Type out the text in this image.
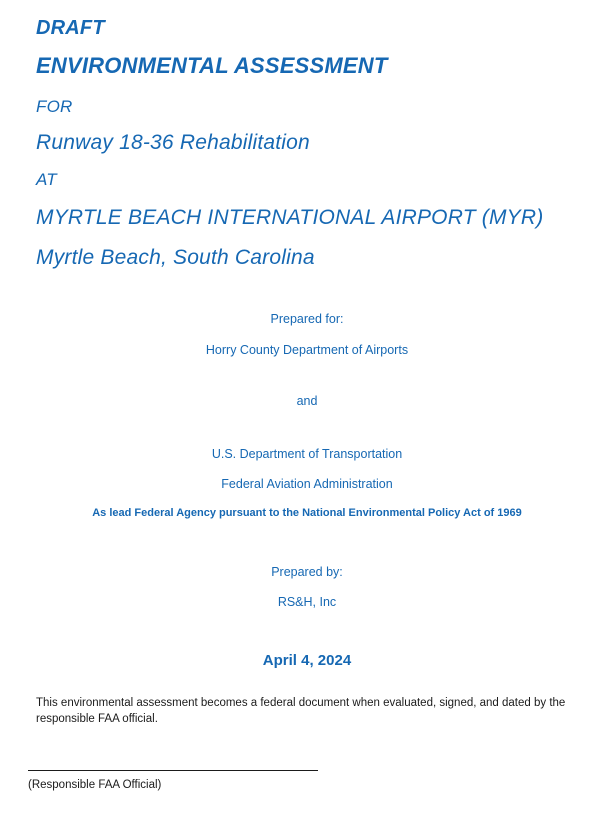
DRAFT
ENVIRONMENTAL ASSESSMENT
FOR
Runway 18-36 Rehabilitation
AT
MYRTLE BEACH INTERNATIONAL AIRPORT (MYR)
Myrtle Beach, South Carolina
Prepared for:
Horry County Department of Airports
and
U.S. Department of Transportation
Federal Aviation Administration
As lead Federal Agency pursuant to the National Environmental Policy Act of 1969
Prepared by:
RS&H, Inc
April 4, 2024
This environmental assessment becomes a federal document when evaluated, signed, and dated by the responsible FAA official.
(Responsible FAA Official)
